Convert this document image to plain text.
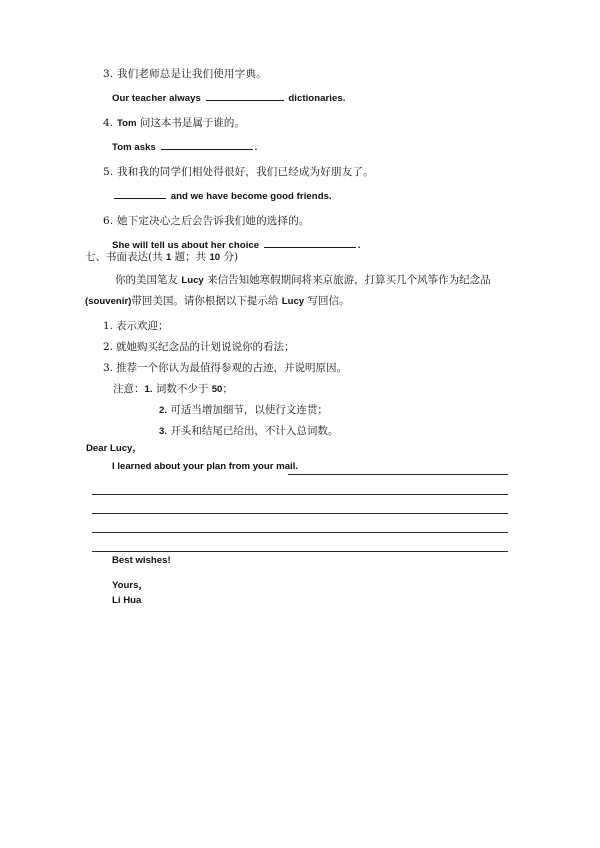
3. 我们老师总是让我们使用字典。
Our teacher always	dictionaries.
4. Tom 问这本书是属于谁的。
Tom asks	.
5. 我和我的同学们相处得很好，我们已经成为好朋友了。
and we have become good friends.
6. 她下定决心之后会告诉我们她的选择的。
She will tell us about her choice	.
七、书面表达(共 1 题；共 10 分)
你的美国笔友 Lucy 来信告知她寒假期间将来京旅游，打算买几个风筝作为纪念品
(souvenir)带回美国。请你根据以下提示给 Lucy 写回信。
1. 表示欢迎；
2. 就她购买纪念品的计划说说你的看法；
3. 推荐一个你认为最值得参观的古迹，并说明原因。
注意：1. 词数不少于 50；
2. 可适当增加细节，以使行文连贯；
3. 开头和结尾已给出，不计入总词数。
Dear Lucy，
I learned about your plan from your mail.
Best wishes!
Yours，
Li Hua
